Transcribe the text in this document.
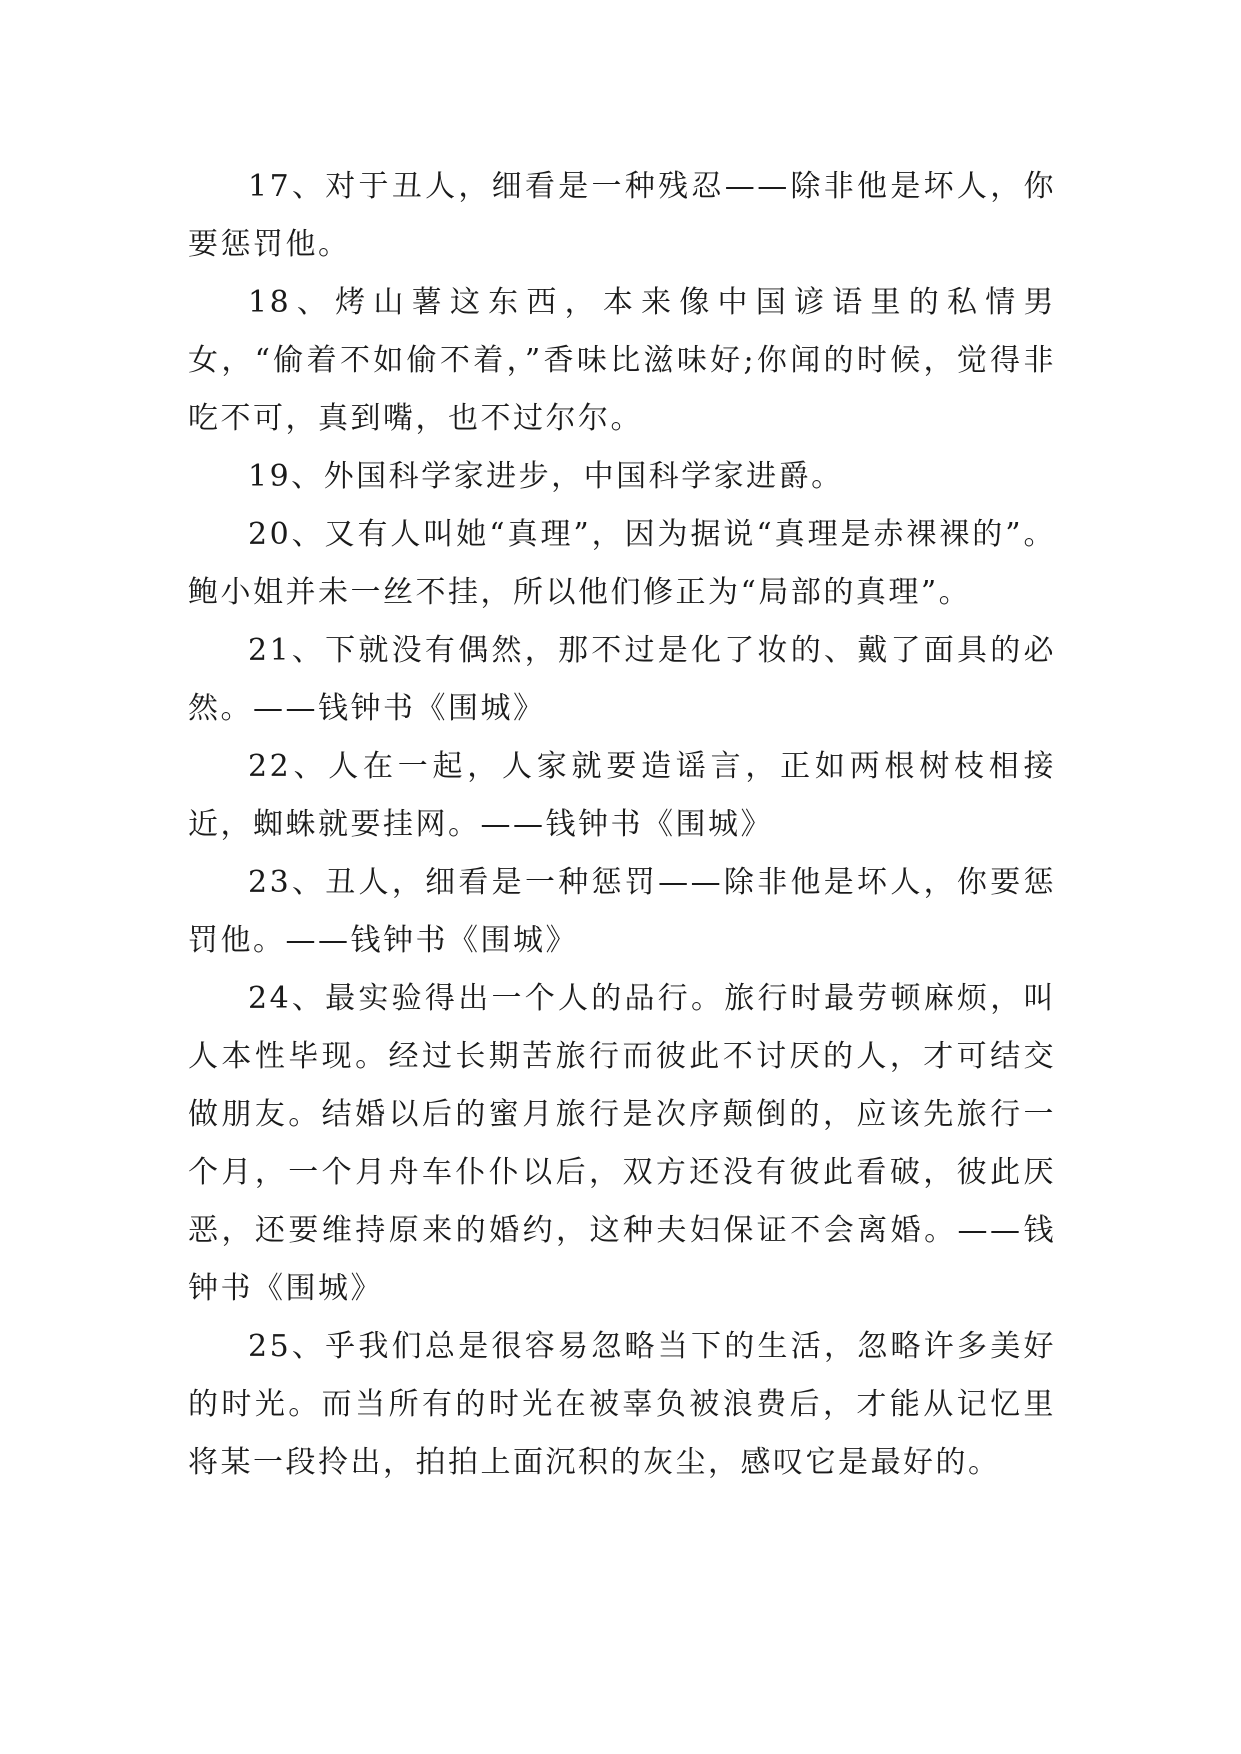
17、对于丑人，细看是一种残忍——除非他是坏人，你要惩罚他。

18、烤山薯这东西，本来像中国谚语里的私情男女，“偷着不如偷不着，”香味比滋味好;你闻的时候，觉得非吃不可，真到嘴，也不过尔尔。

19、外国科学家进步，中国科学家进爵。

20、又有人叫她“真理”，因为据说“真理是赤裸裸的”。鲍小姐并未一丝不挂，所以他们修正为“局部的真理”。

21、下就没有偶然，那不过是化了妆的、戴了面具的必然。——钱钟书《围城》

22、人在一起，人家就要造谣言，正如两根树枝相接近，蜘蛛就要挂网。——钱钟书《围城》

23、丑人，细看是一种惩罚——除非他是坏人，你要惩罚他。——钱钟书《围城》

24、最实验得出一个人的品行。旅行时最劳顿麻烦，叫人本性毕现。经过长期苦旅行而彼此不讨厌的人，才可结交做朋友。结婚以后的蜜月旅行是次序颠倒的，应该先旅行一个月，一个月舟车仆仆以后，双方还没有彼此看破，彼此厌恶，还要维持原来的婚约，这种夫妇保证不会离婚。——钱钟书《围城》

25、乎我们总是很容易忽略当下的生活，忽略许多美好的时光。而当所有的时光在被辜负被浪费后，才能从记忆里将某一段拎出，拍拍上面沉积的灰尘，感叹它是最好的。
